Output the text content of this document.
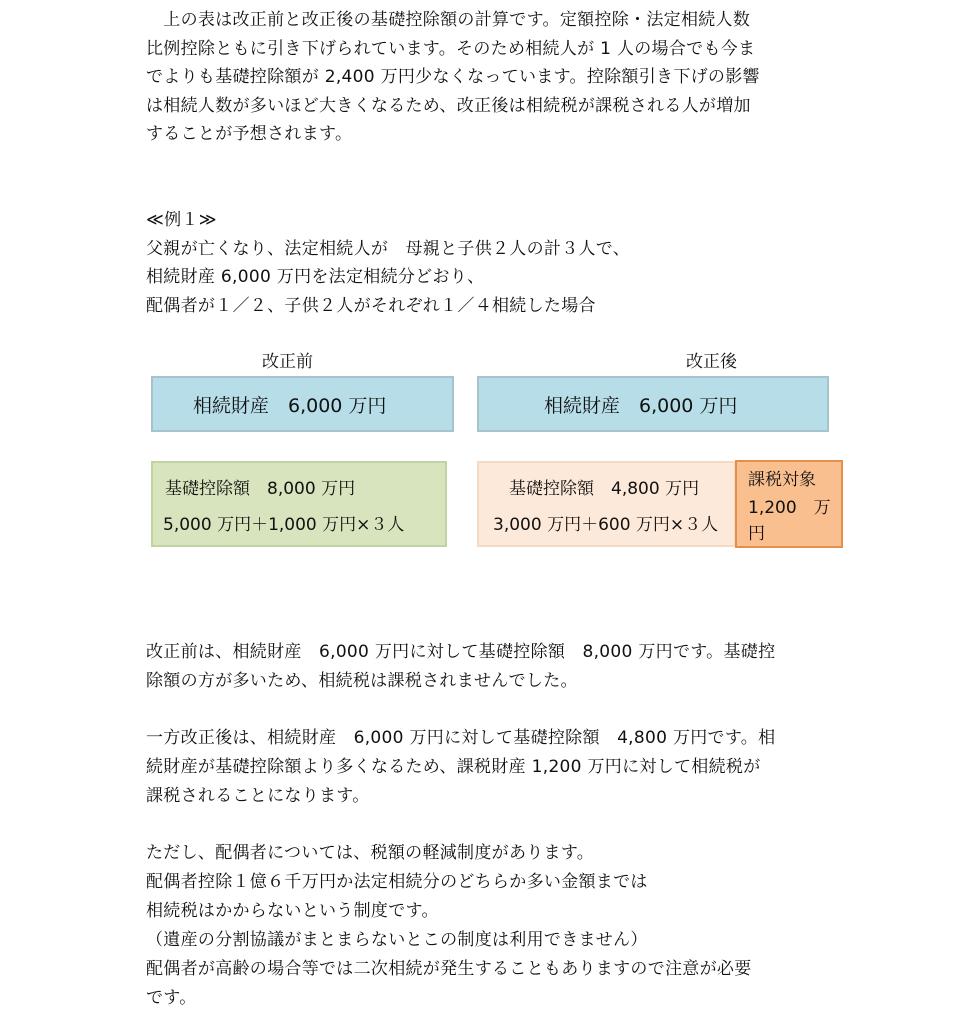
　上の表は改正前と改正後の基礎控除額の計算です。定額控除・法定相続人数
比例控除ともに引き下げられています。そのため相続人が 1 人の場合でも今ま
でよりも基礎控除額が 2,400 万円少なくなっています。控除額引き下げの影響
は相続人数が多いほど大きくなるため、改正後は相続税が課税される人が増加
することが予想されます。
≪例１≫
父親が亡くなり、法定相続人が　母親と子供２人の計３人で、
相続財産 6,000 万円を法定相続分どおり、
配偶者が１／２、子供２人がそれぞれ１／４相続した場合
改正前
相続財産　6,000 万円
基礎控除額　8,000 万円
5,000 万円＋1,000 万円×３人
改正後
相続財産　6,000 万円
基礎控除額　4,800 万円
3,000 万円＋600 万円×３人
課税対象
1,200　万
円
改正前は、相続財産　6,000 万円に対して基礎控除額　8,000 万円です。基礎控
除額の方が多いため、相続税は課税されませんでした。
一方改正後は、相続財産　6,000 万円に対して基礎控除額　4,800 万円です。相
続財産が基礎控除額より多くなるため、課税財産 1,200 万円に対して相続税が
課税されることになります。
ただし、配偶者については、税額の軽減制度があります。
配偶者控除１億６千万円か法定相続分のどちらか多い金額までは
相続税はかからないという制度です。
（遺産の分割協議がまとまらないとこの制度は利用できません）
配偶者が高齢の場合等では二次相続が発生することもありますので注意が必要
です。
